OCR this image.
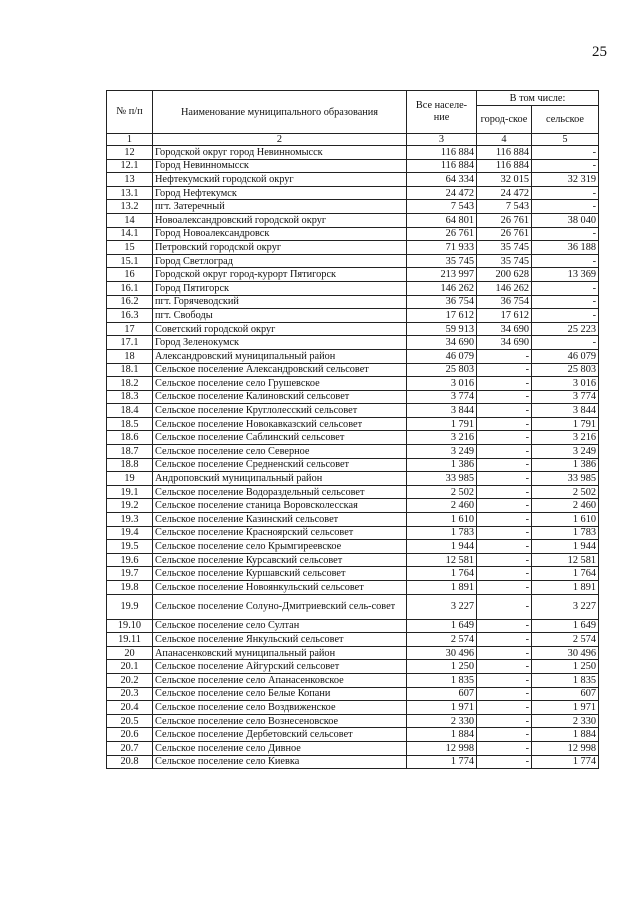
25
№ п/п	Наименование муниципального образования	Все населе-ние	В том числе:	
			город-ское	сельское
1	2	3	4	5
12	Городской округ город Невинномысск	116 884	116 884	-
12.1	Город Невинномысск	116 884	116 884	-
13	Нефтекумский городской округ	64 334	32 015	32 319
13.1	Город Нефтекумск	24 472	24 472	-
13.2	пгт. Затеречный	7 543	7 543	-
14	Новоалександровский городской округ	64 801	26 761	38 040
14.1	Город Новоалександровск	26 761	26 761	-
15	Петровский городской округ	71 933	35 745	36 188
15.1	Город Светлоград	35 745	35 745	-
16	Городской округ город-курорт Пятигорск	213 997	200 628	13 369
16.1	Город Пятигорск	146 262	146 262	-
16.2	пгт. Горячеводский	36 754	36 754	-
16.3	пгт. Свободы	17 612	17 612	-
17	Советский городской округ	59 913	34 690	25 223
17.1	Город Зеленокумск	34 690	34 690	-
18	Александровский муниципальный район	46 079	-	46 079
18.1	Сельское поселение Александровский сельсовет	25 803	-	25 803
18.2	Сельское поселение село Грушевское	3 016	-	3 016
18.3	Сельское поселение Калиновский сельсовет	3 774	-	3 774
18.4	Сельское поселение Круглолесский сельсовет	3 844	-	3 844
18.5	Сельское поселение Новокавказский сельсовет	1 791	-	1 791
18.6	Сельское поселение Саблинский сельсовет	3 216	-	3 216
18.7	Сельское поселение село Северное	3 249	-	3 249
18.8	Сельское поселение Средненский сельсовет	1 386	-	1 386
19	Андроповский муниципальный район	33 985	-	33 985
19.1	Сельское поселение Водораздельный сельсовет	2 502	-	2 502
19.2	Сельское поселение станица Воровсколесская	2 460	-	2 460
19.3	Сельское поселение Казинский сельсовет	1 610	-	1 610
19.4	Сельское поселение Красноярский сельсовет	1 783	-	1 783
19.5	Сельское поселение село Крымгиреевское	1 944	-	1 944
19.6	Сельское поселение Курсавский сельсовет	12 581	-	12 581
19.7	Сельское поселение Куршавский сельсовет	1 764	-	1 764
19.8	Сельское поселение Новоянкульский сельсовет	1 891	-	1 891
19.9	Сельское поселение Солуно-Дмитриевский сель-совет	3 227	-	3 227
19.10	Сельское поселение село Султан	1 649	-	1 649
19.11	Сельское поселение Янкульский сельсовет	2 574	-	2 574
20	Апанасенковский муниципальный район	30 496	-	30 496
20.1	Сельское поселение Айгурский сельсовет	1 250	-	1 250
20.2	Сельское поселение село Апанасенковское	1 835	-	1 835
20.3	Сельское поселение село Белые Копани	607	-	607
20.4	Сельское поселение село Воздвиженское	1 971	-	1 971
20.5	Сельское поселение село Вознесеновское	2 330	-	2 330
20.6	Сельское поселение Дербетовский сельсовет	1 884	-	1 884
20.7	Сельское поселение село Дивное	12 998	-	12 998
20.8	Сельское поселение село Киевка	1 774	-	1 774
